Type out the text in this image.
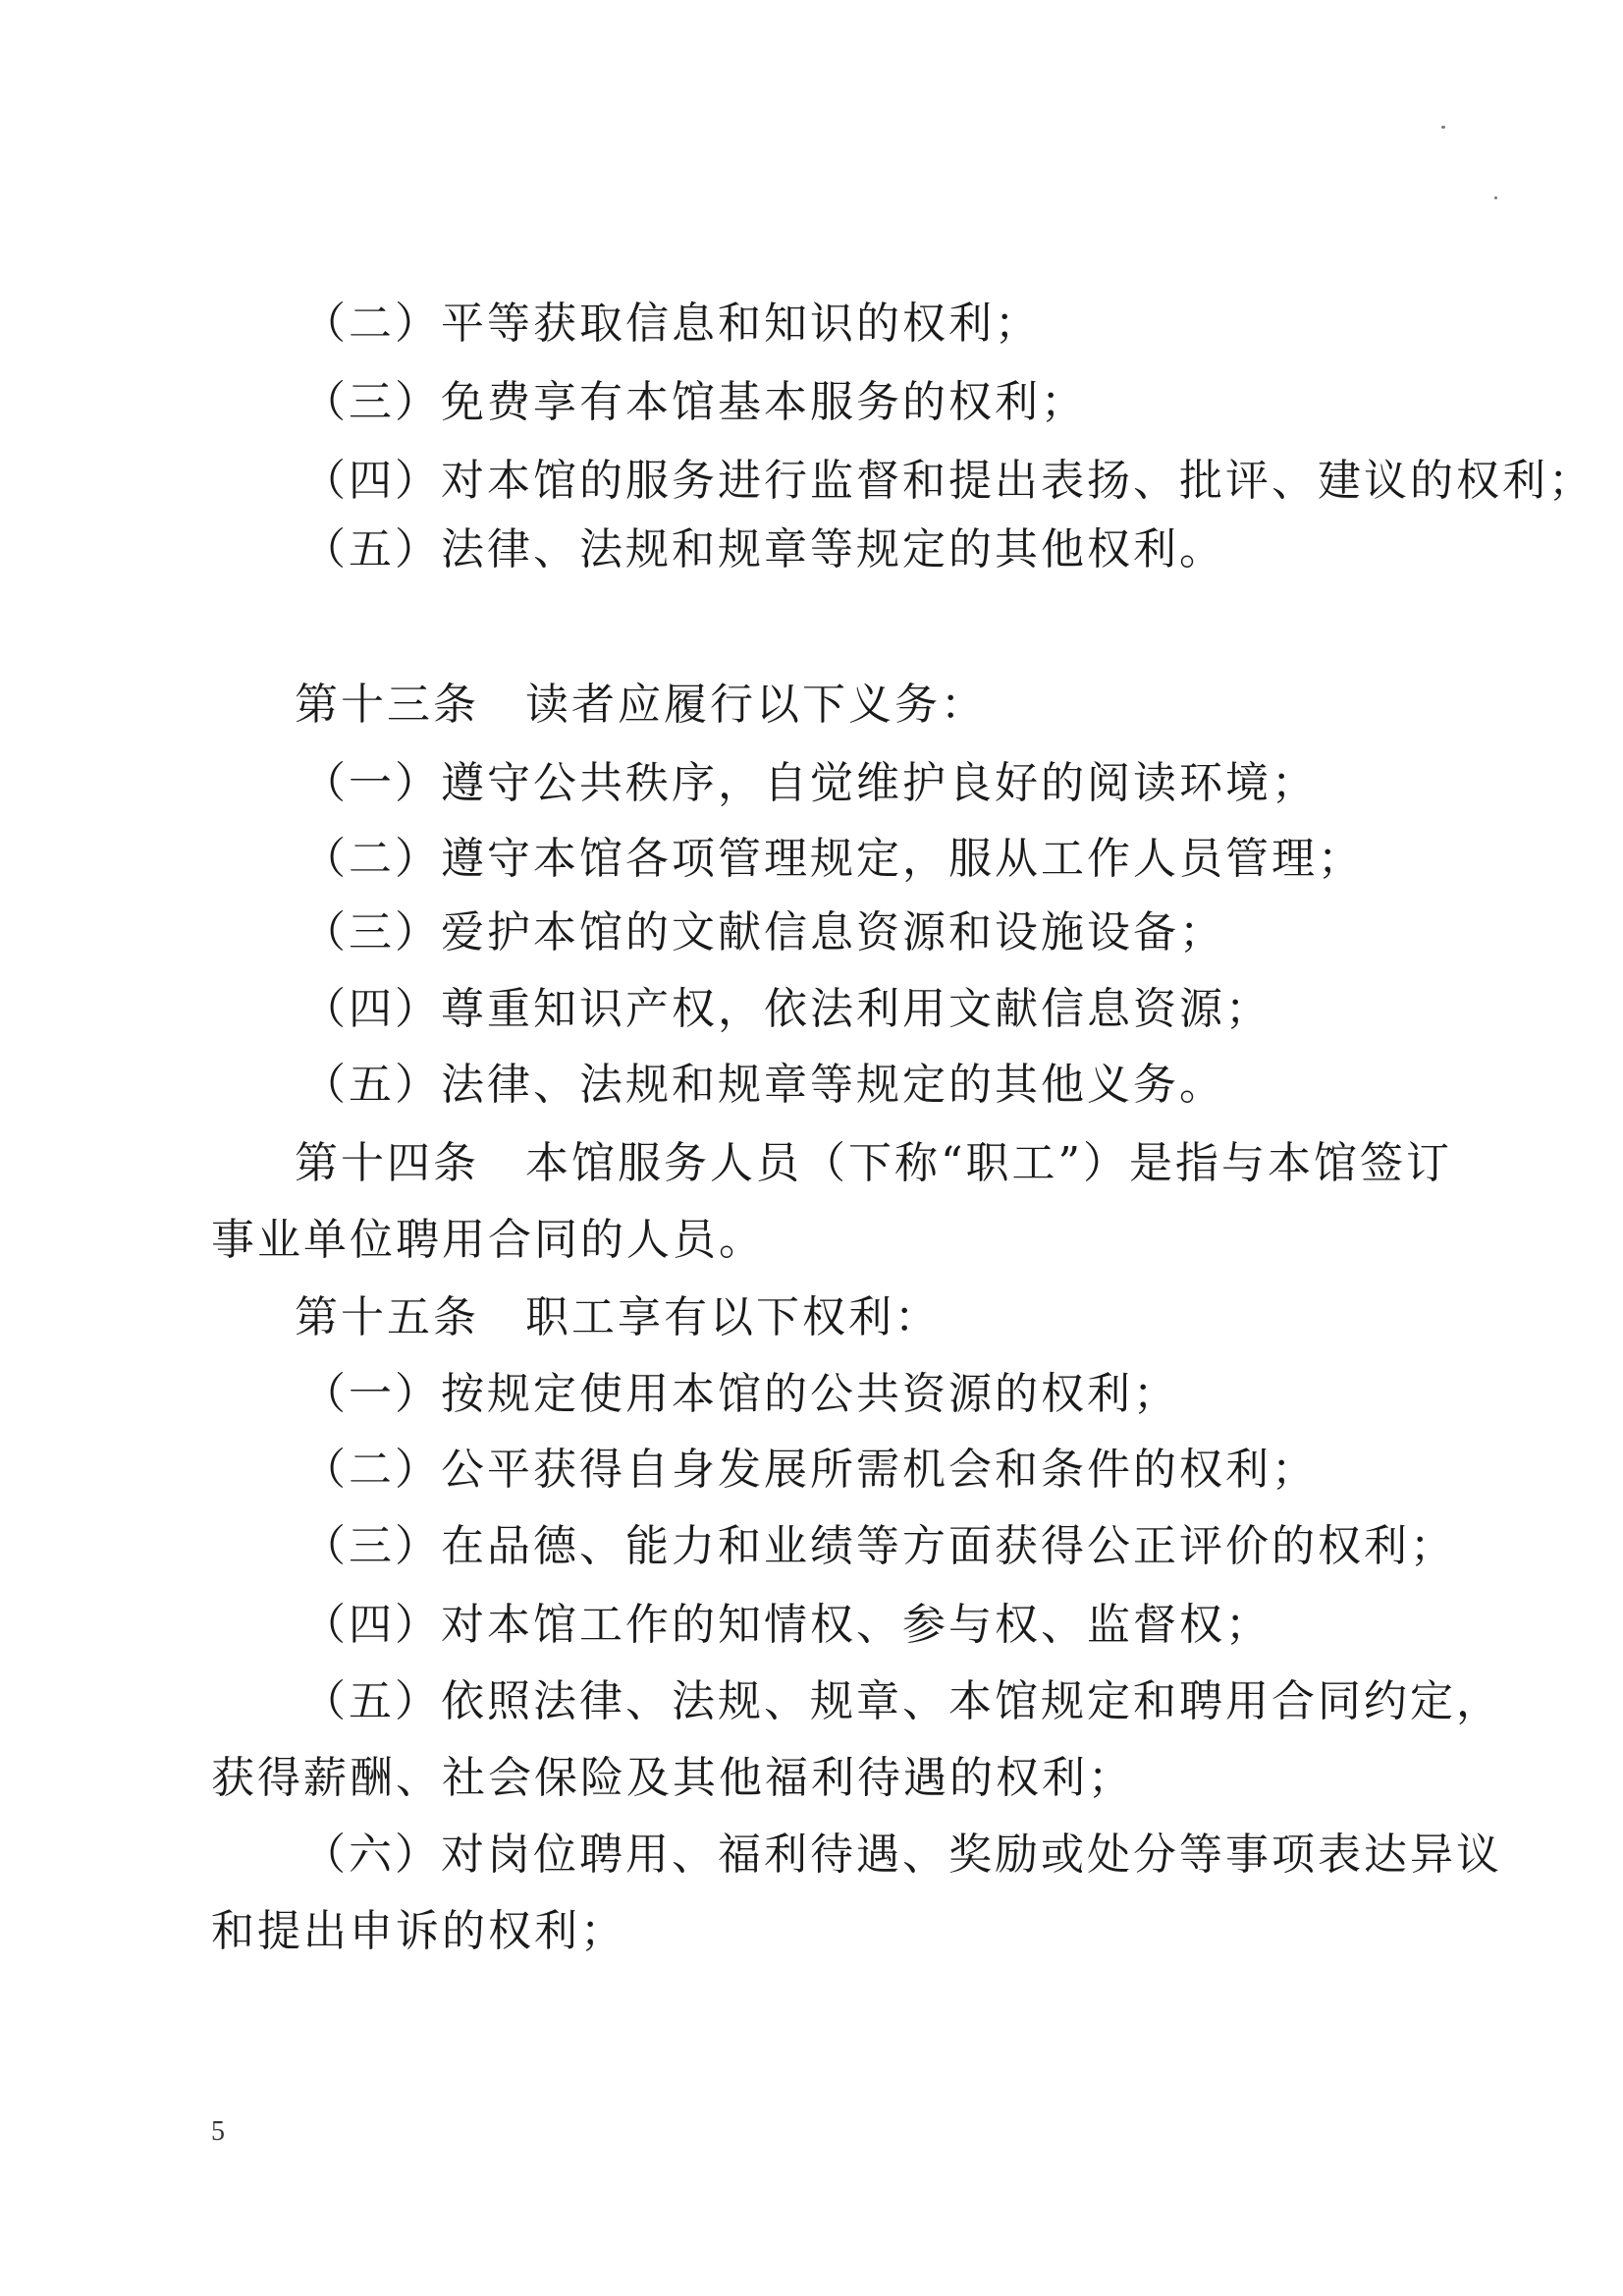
（二）平等获取信息和知识的权利；
（三）免费享有本馆基本服务的权利；
（四）对本馆的服务进行监督和提出表扬、批评、建议的权利；
（五）法律、法规和规章等规定的其他权利。
第十三条　读者应履行以下义务：
（一）遵守公共秩序，自觉维护良好的阅读环境；
（二）遵守本馆各项管理规定，服从工作人员管理；
（三）爱护本馆的文献信息资源和设施设备；
（四）尊重知识产权，依法利用文献信息资源；
（五）法律、法规和规章等规定的其他义务。
第十四条　本馆服务人员（下称“职工”）是指与本馆签订
事业单位聘用合同的人员。
第十五条　职工享有以下权利：
（一）按规定使用本馆的公共资源的权利；
（二）公平获得自身发展所需机会和条件的权利；
（三）在品德、能力和业绩等方面获得公正评价的权利；
（四）对本馆工作的知情权、参与权、监督权；
（五）依照法律、法规、规章、本馆规定和聘用合同约定，
获得薪酬、社会保险及其他福利待遇的权利；
（六）对岗位聘用、福利待遇、奖励或处分等事项表达异议
和提出申诉的权利；
5
